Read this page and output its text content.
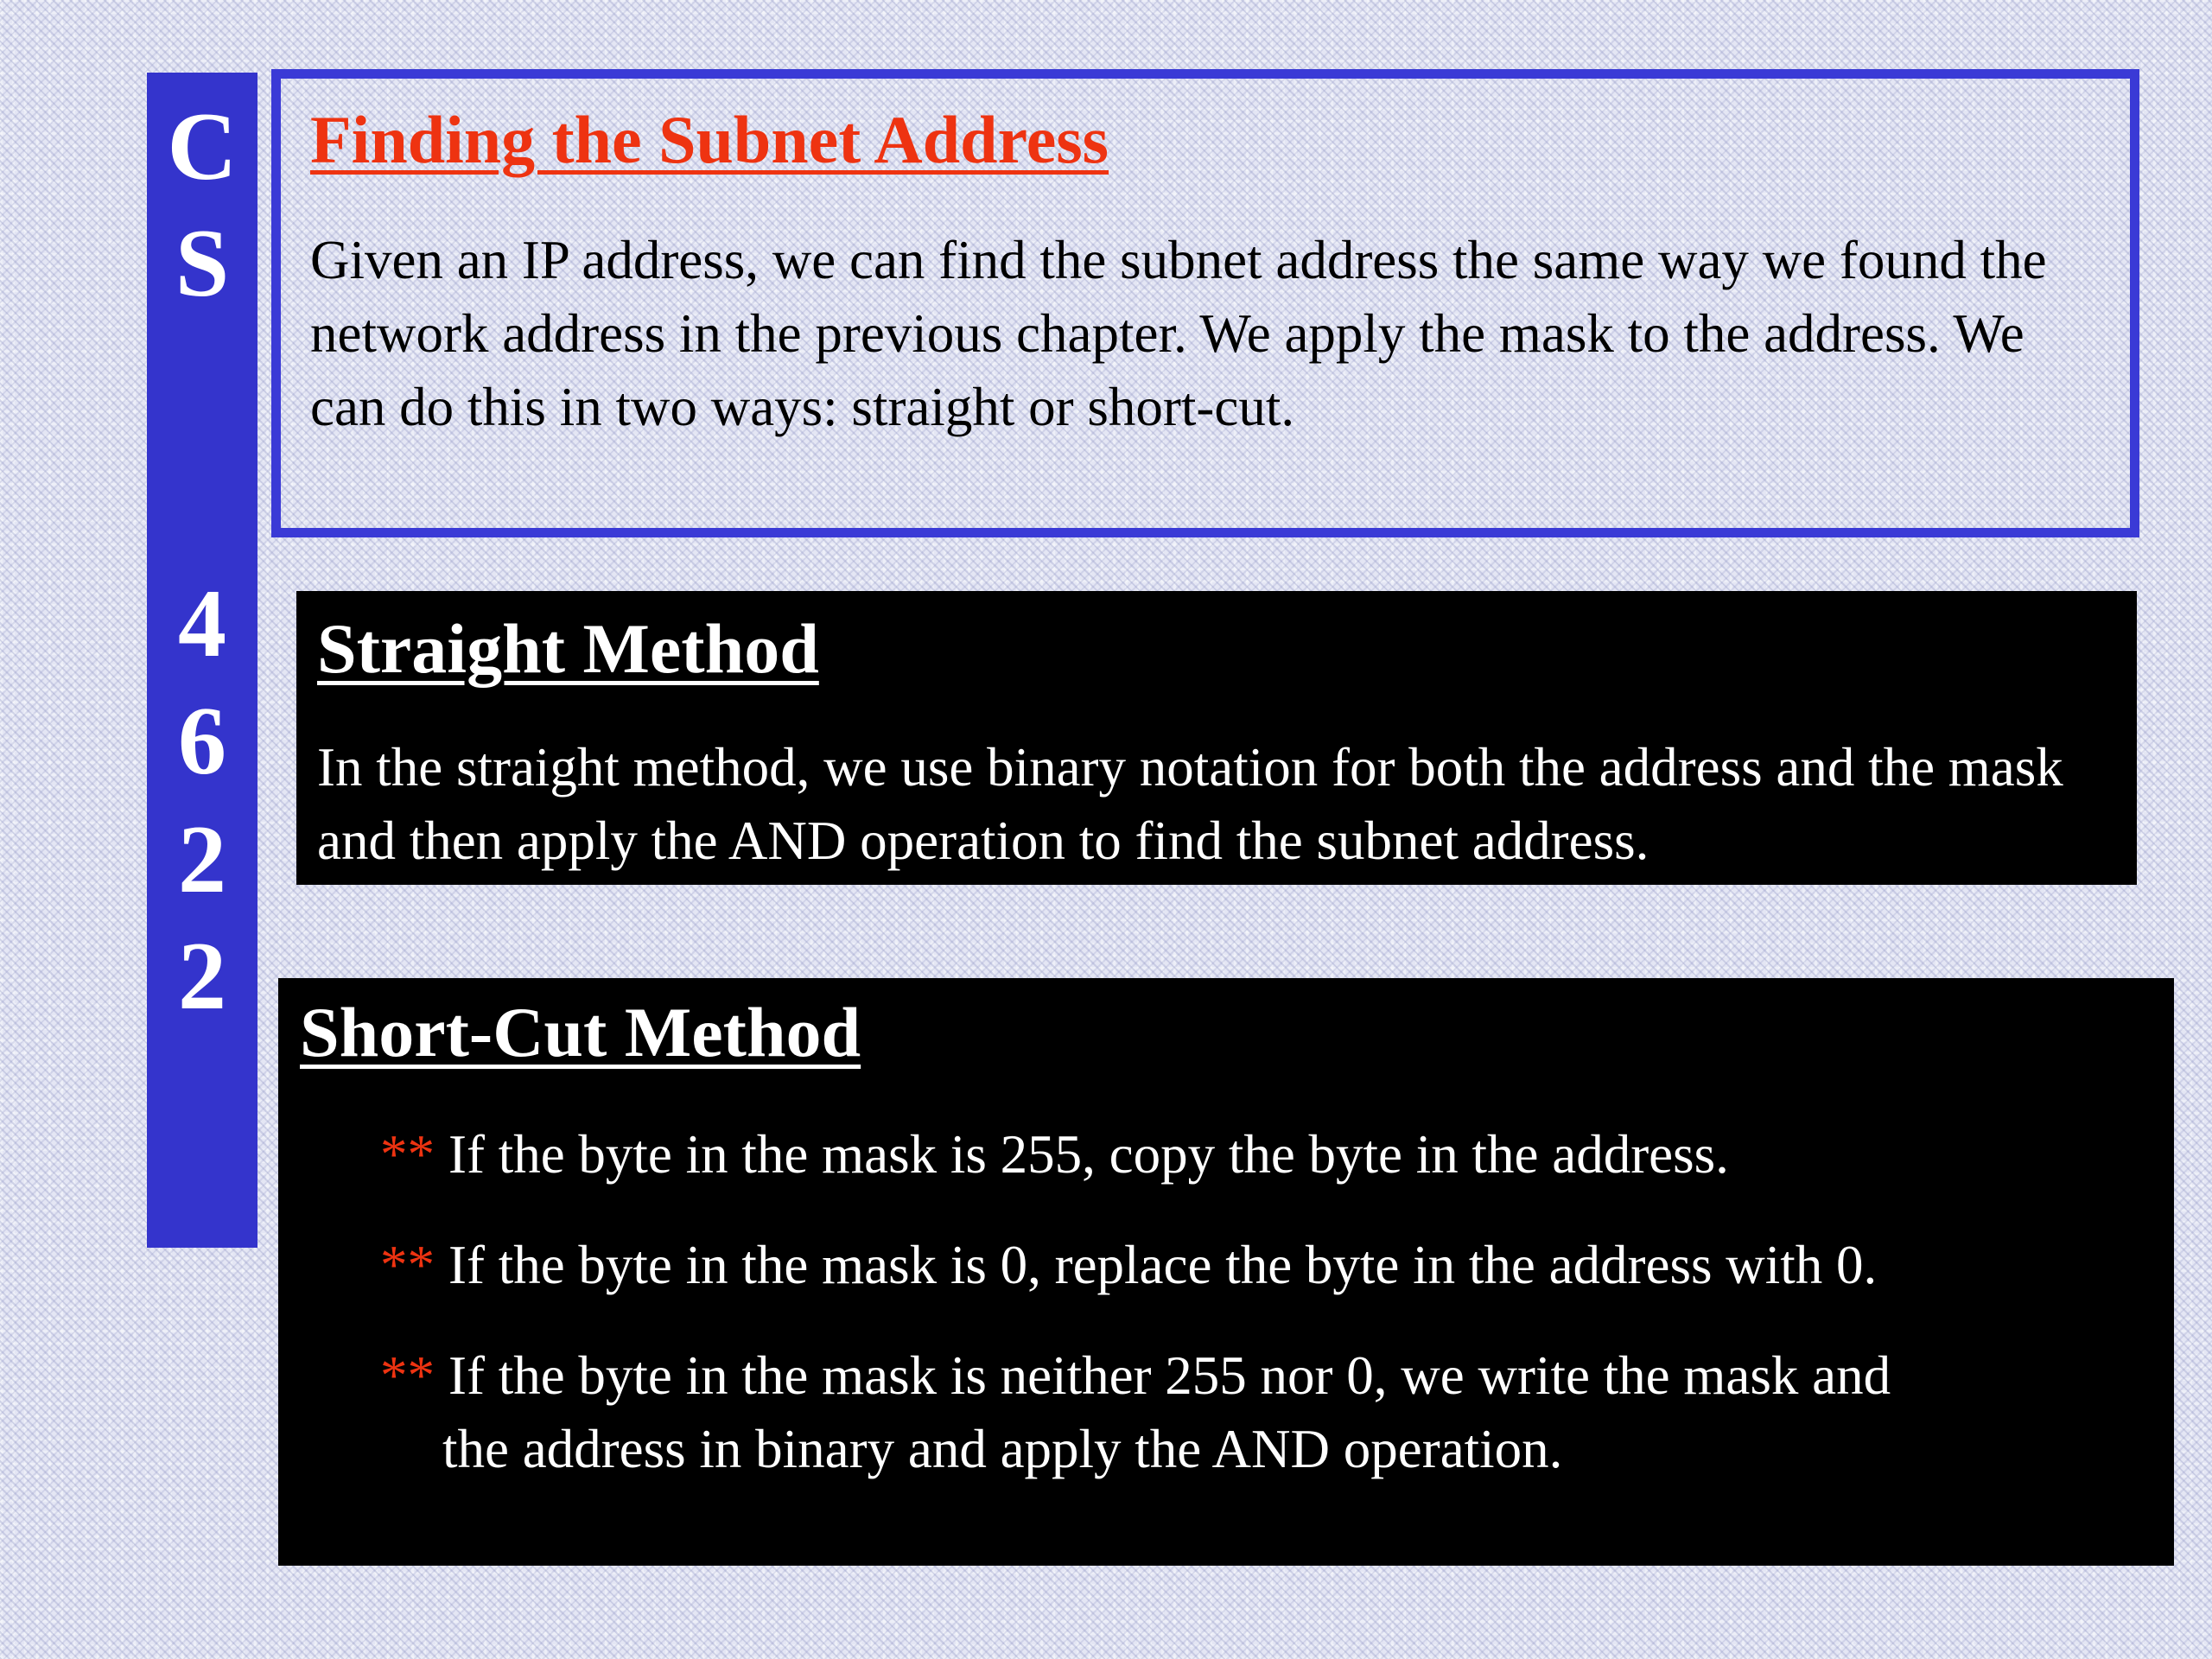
C
S
4
6
2
2
Finding the Subnet Address

Given an IP address, we can find the subnet address the same way we found the network address in the previous chapter. We apply the mask to the address. We can do this in two ways: straight or short-cut.

Straight Method

In the straight method, we use binary notation for both the address and the mask and then apply the AND operation to find the subnet address.

Short-Cut Method
** If the byte in the mask is 255, copy the byte in the address.
** If the byte in the mask is 0, replace the byte in the address with 0.
** If the byte in the mask is neither 255 nor 0, we write the mask and
the address in binary and apply the AND operation.
